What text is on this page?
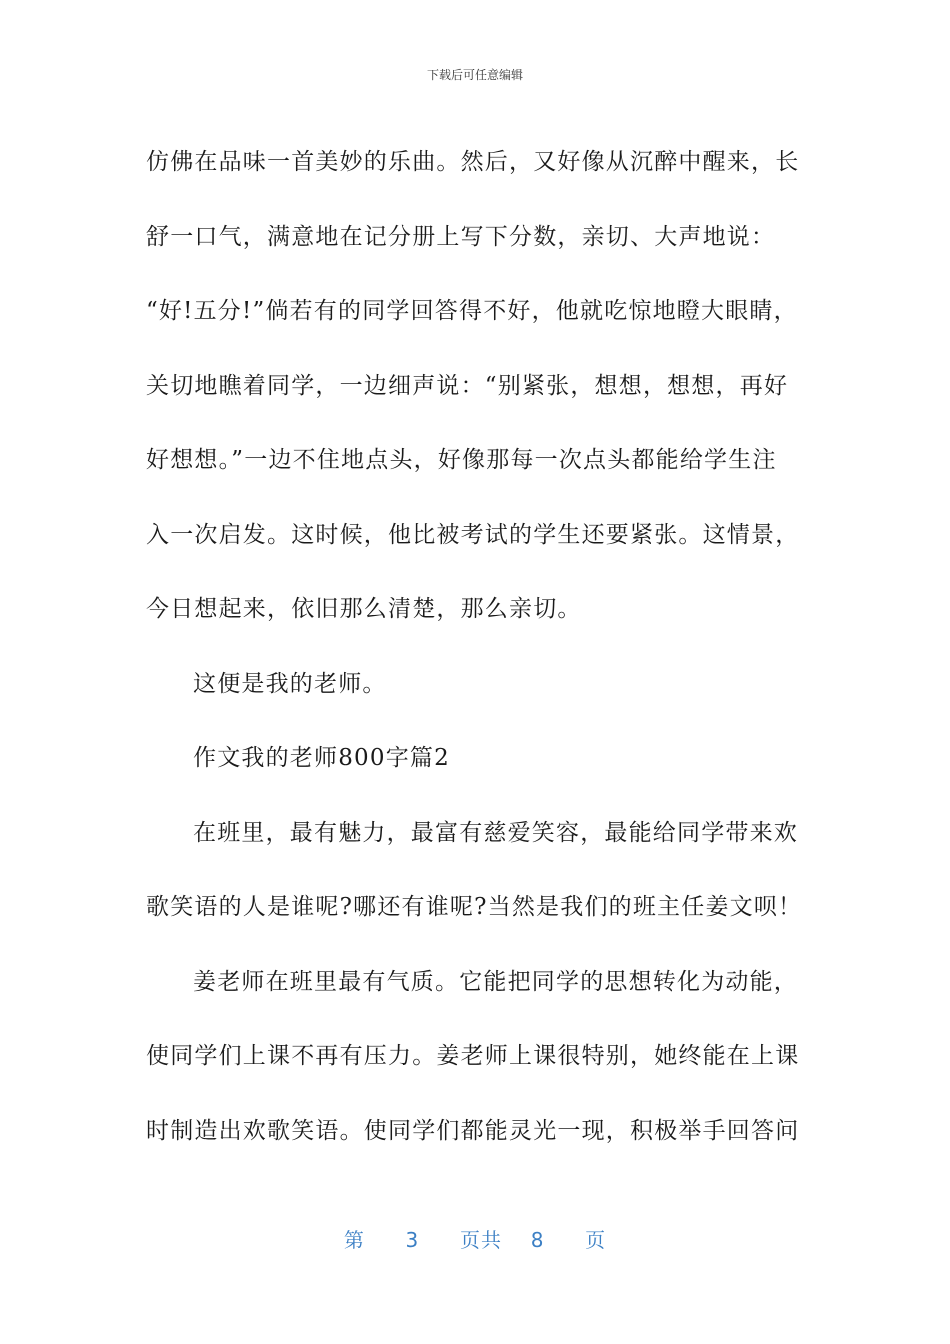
下载后可任意编辑
仿佛在品味一首美妙的乐曲。然后，又好像从沉醉中醒来，长
舒一口气，满意地在记分册上写下分数，亲切、大声地说：
“好!五分!”倘若有的同学回答得不好，他就吃惊地瞪大眼睛，
关切地瞧着同学，一边细声说：“别紧张，想想，想想，再好
好想想。”一边不住地点头，好像那每一次点头都能给学生注
入一次启发。这时候，他比被考试的学生还要紧张。这情景，
今日想起来，依旧那么清楚，那么亲切。
这便是我的老师。
作文我的老师800字篇2
在班里，最有魅力，最富有慈爱笑容，最能给同学带来欢
歌笑语的人是谁呢?哪还有谁呢?当然是我们的班主任姜文呗！
姜老师在班里最有气质。它能把同学的思想转化为动能，
使同学们上课不再有压力。姜老师上课很特别，她终能在上课
时制造出欢歌笑语。使同学们都能灵光一现，积极举手回答问
第 3 页共 8 页
